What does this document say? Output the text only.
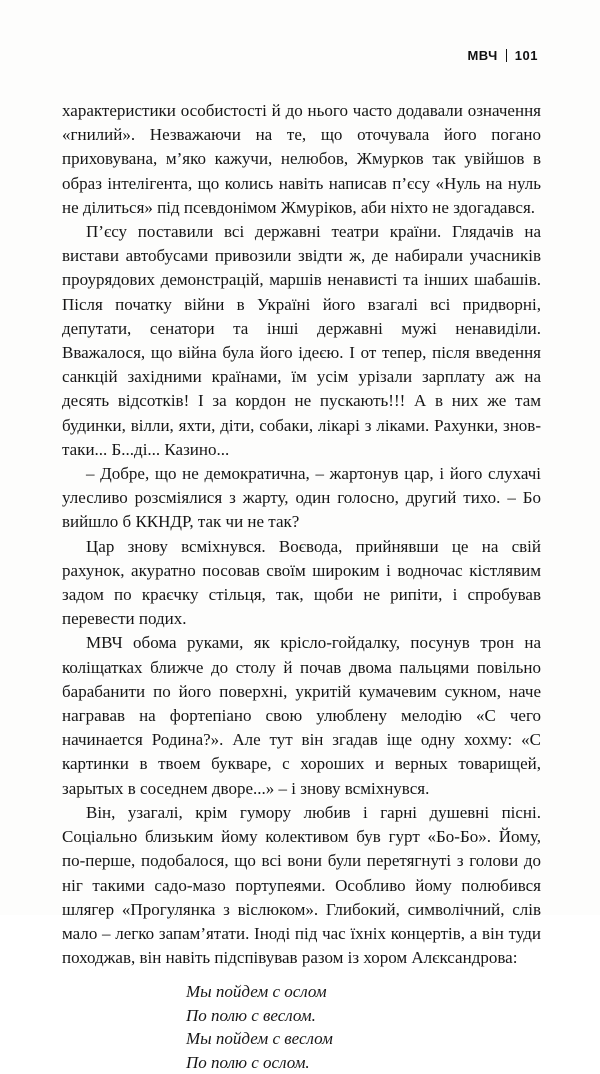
МВЧ 101

характеристики особистості й до нього часто додавали означення «гнилий». Незважаючи на те, що оточувала його погано приховувана, м’яко кажучи, нелюбов, Жмурков так увійшов в образ інтелігента, що колись навіть написав п’єсу «Нуль на нуль не ділиться» під псевдонімом Жмуріков, аби ніхто не здогадався.

П’єсу поставили всі державні театри країни. Глядачів на вистави автобусами привозили звідти ж, де набирали учасників проурядових демонстрацій, маршів ненависті та інших шабашів. Після початку війни в Україні його взагалі всі придворні, депутати, сенатори та інші державні мужі ненавиділи. Вважалося, що війна була його ідеєю. І от тепер, після введення санкцій західними країнами, їм усім урізали зарплату аж на десять відсотків! І за кордон не пускають!!! А в них же там будинки, вілли, яхти, діти, собаки, лікарі з ліками. Рахунки, знов-таки... Б...ді... Казино...

– Добре, що не демократична, – жартонув цар, і його слухачі улесливо розсміялися з жарту, один голосно, другий тихо. – Бо вийшло б ККНДР, так чи не так?

Цар знову всміхнувся. Воєвода, прийнявши це на свій рахунок, акуратно посовав своїм широким і водночас кістлявим задом по краєчку стільця, так, щоби не рипіти, і спробував перевести подих.

МВЧ обома руками, як крісло-гойдалку, посунув трон на коліщатках ближче до столу й почав двома пальцями повільно барабанити по його поверхні, укритій кумачевим сукном, наче награвав на фортепіано свою улюблену мелодію «С чего начинается Родина?». Але тут він згадав іще одну хохму: «С картинки в твоем букваре, с хороших и верных товарищей, зарытых в соседнем дворе...» – і знову всміхнувся.

Він, узагалі, крім гумору любив і гарні душевні пісні. Соціально близьким йому колективом був гурт «Бо-Бо». Йому, по-перше, подобалося, що всі вони були перетягнуті з голови до ніг такими садо-мазо портупеями. Особливо йому полюбився шлягер «Прогулянка з віслюком». Глибокий, символічний, слів мало – легко запам’ятати. Іноді під час їхніх концертів, а він туди походжав, він навіть підспівував разом із хором Алєксандрова:

Мы пойдем с ослом
По полю с веслом.
Мы пойдем с веслом
По полю с ослом.
